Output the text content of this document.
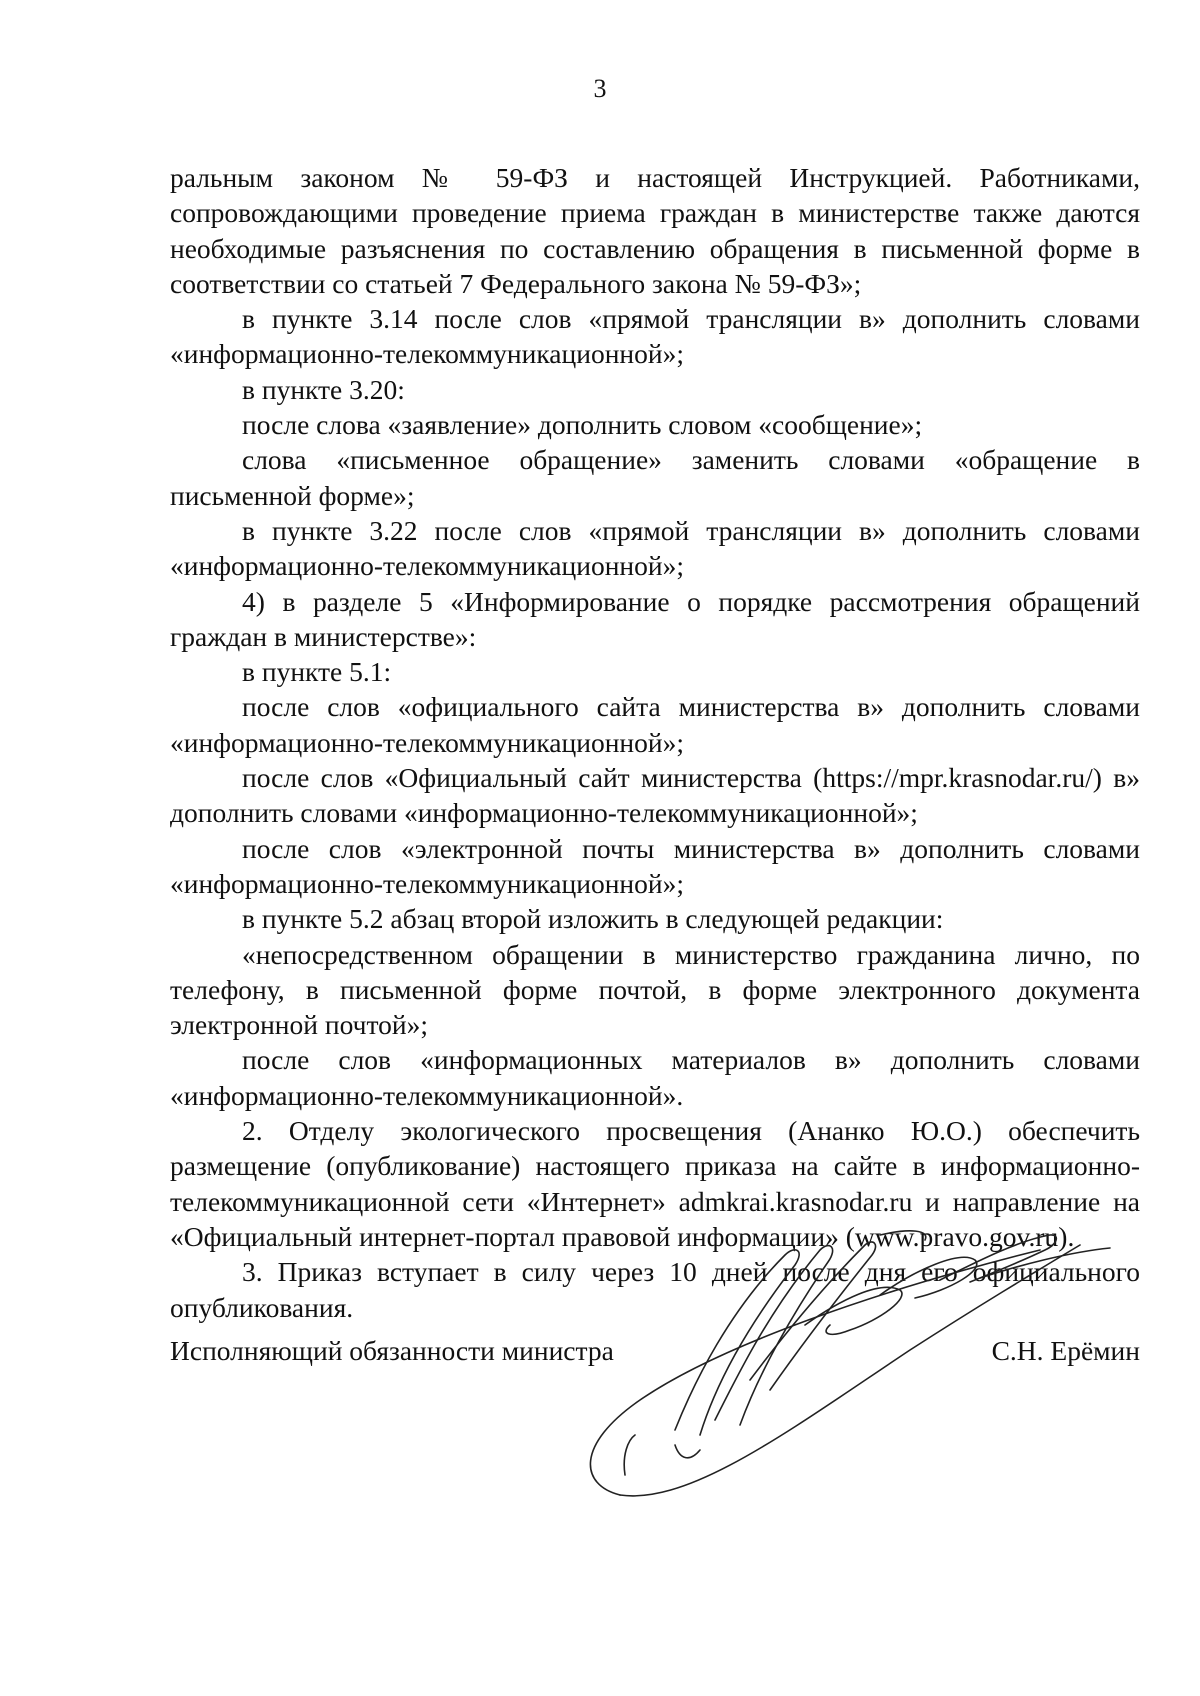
3

ральным законом № 59-ФЗ и настоящей Инструкцией. Работниками, сопровождающими проведение приема граждан в министерстве также даются необходимые разъяснения по составлению обращения в письменной форме в соответствии со статьей 7 Федерального закона № 59-ФЗ»;

в пункте 3.14 после слов «прямой трансляции в» дополнить словами «информационно-телекоммуникационной»;

в пункте 3.20:

после слова «заявление» дополнить словом «сообщение»;

слова «письменное обращение» заменить словами «обращение в письменной форме»;

в пункте 3.22 после слов «прямой трансляции в» дополнить словами «информационно-телекоммуникационной»;

4) в разделе 5 «Информирование о порядке рассмотрения обращений граждан в министерстве»:

в пункте 5.1:

после слов «официального сайта министерства в» дополнить словами «информационно-телекоммуникационной»;

после слов «Официальный сайт министерства (https://mpr.krasnodar.ru/) в» дополнить словами «информационно-телекоммуникационной»;

после слов «электронной почты министерства в» дополнить словами «информационно-телекоммуникационной»;

в пункте 5.2 абзац второй изложить в следующей редакции:

«непосредственном обращении в министерство гражданина лично, по телефону, в письменной форме почтой, в форме электронного документа электронной почтой»;

после слов «информационных материалов в» дополнить словами «информационно-телекоммуникационной».

2. Отделу экологического просвещения (Ананко Ю.О.) обеспечить размещение (опубликование) настоящего приказа на сайте в информационно-телекоммуникационной сети «Интернет» admkrai.krasnodar.ru и направление на «Официальный интернет-портал правовой информации» (www.pravo.gov.ru).

3. Приказ вступает в силу через 10 дней после дня его официального опубликования.

Исполняющий обязанности министра	С.Н. Ерёмин
